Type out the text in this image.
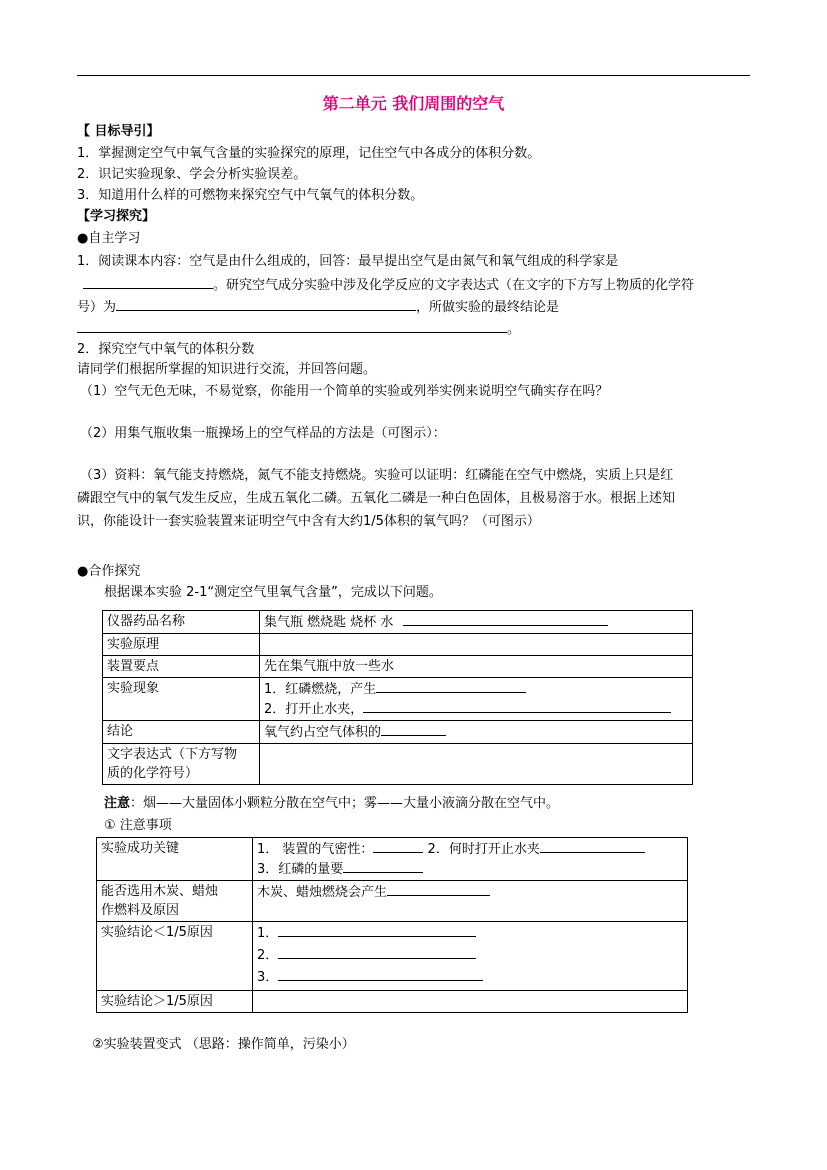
第二单元 我们周围的空气
【 目标导引】
1．掌握测定空气中氧气含量的实验探究的原理，记住空气中各成分的体积分数。
2．识记实验现象、学会分析实验误差。
3．知道用什么样的可燃物来探究空气中气氧气的体积分数。
【学习探究】
●自主学习
1．阅读课本内容：空气是由什么组成的，回答：最早提出空气是由氮气和氧气组成的科学家是
。研究空气成分实验中涉及化学反应的文字表达式（在文字的下方写上物质的化学符
号）为	，所做实验的最终结论是
。
2．探究空气中氧气的体积分数
请同学们根据所掌握的知识进行交流，并回答问题。
（1）空气无色无味，不易觉察，你能用一个简单的实验或列举实例来说明空气确实存在吗？
（2）用集气瓶收集一瓶操场上的空气样品的方法是（可图示）：
（3）资料：氧气能支持燃烧，氮气不能支持燃烧。实验可以证明：红磷能在空气中燃烧，实质上只是红
磷跟空气中的氧气发生反应，生成五氧化二磷。五氧化二磷是一种白色固体，且极易溶于水。根据上述知
识，你能设计一套实验装置来证明空气中含有大约1/5体积的氧气吗？（可图示）
●合作探究
根据课本实验 2-1“测定空气里氧气含量”，完成以下问题。
仪器药品名称	集气瓶 燃烧匙 烧杯 水
实验原理	
装置要点	先在集气瓶中放一些水
实验现象	1．红磷燃烧，产生
2．打开止水夹，

结论	氧气约占空气体积的

文字表达式（下方写物
质的化学符号）	

注意：烟——大量固体小颗粒分散在空气中；雾——大量小液滴分散在空气中。
① 注意事项
实验成功关键	1． 装置的气密性： 2．何时打开止水夹
3．红磷的量要

能否选用木炭、蜡烛
作燃料及原因	木炭、蜡烛燃烧会产生
实验结论＜1/5原因	1．
2．
3．

实验结论＞1/5原因	
②实验装置变式 （思路：操作简单，污染小）
